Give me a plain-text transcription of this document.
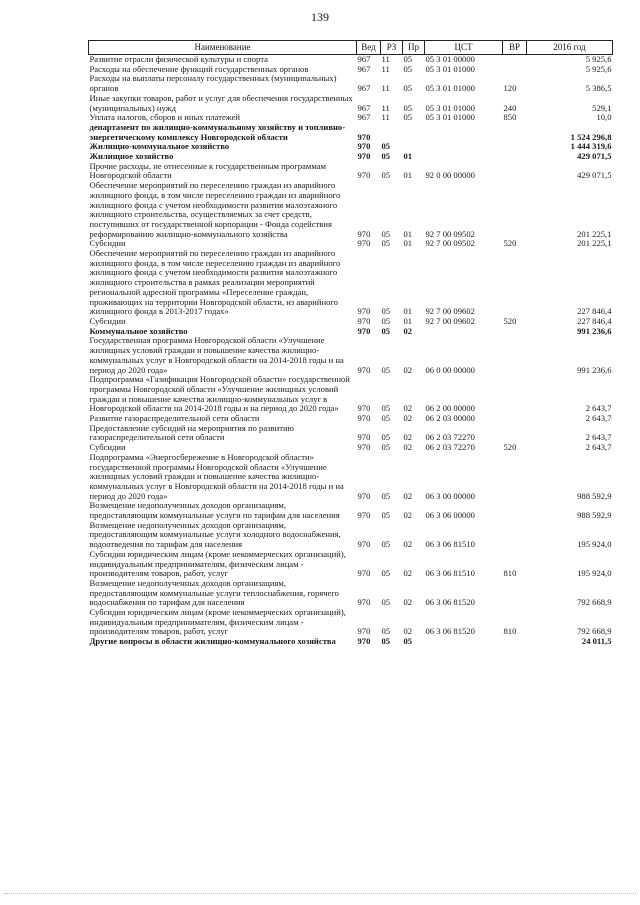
139
Наименование	Вед	РЗ	Пр	ЦСТ	ВР	2016 год
Развитие отрасли физической культуры и спорта	967	11	05	05 3 01 00000		5 925,6
Расходы на обеспечение функций государственных органов	967	11	05	05 3 01 01000		5 925,6
Расходы на выплаты персоналу государственных (муниципальных) органов	967	11	05	05 3 01 01000	120	5 386,5
Иные закупки товаров, работ и услуг для обеспечения государственных (муниципальных) нужд	967	11	05	05 3 01 01000	240	529,1
Уплата налогов, сборов и иных платежей	967	11	05	05 3 01 01000	850	10,0
департамент по жилищно-коммунальному хозяйству и топливно-энергетическому комплексу Новгородской области	970					1 524 296,8
Жилищно-коммунальное хозяйство	970	05				1 444 319,6
Жилищное хозяйство	970	05	01			429 071,5
Прочие расходы, не отнесенные к государственным программам Новгородской области	970	05	01	92 0 00 00000		429 071,5
Обеспечение мероприятий по переселению граждан из аварийного жилищного фонда, в том числе переселению граждан из аварийного жилищного фонда с учетом необходимости развития малоэтажного жилищного строительства, осуществляемых за счет средств, поступивших от государственной корпорации - Фонда содействия реформированию жилищно-коммунального хозяйства	970	05	01	92 7 00 09502		201 225,1
Субсидии	970	05	01	92 7 00 09502	520	201 225,1
Обеспечение мероприятий по переселению граждан из аварийного жилищного фонда, в том числе переселению граждан из аварийного жилищного фонда с учетом необходимости развития малоэтажного жилищного строительства в рамках реализации мероприятий региональной адресной программы «Переселение граждан, проживающих на территории Новгородской области, из аварийного жилищного фонда в 2013-2017 годах»	970	05	01	92 7 00 09602		227 846,4
Субсидии	970	05	01	92 7 00 09602	520	227 846,4
Коммунальное хозяйство	970	05	02			991 236,6
Государственная программа Новгородской области «Улучшение жилищных условий граждан и повышение качества жилищно-коммунальных услуг в Новгородской области на 2014-2018 годы и на период до 2020 года»	970	05	02	06 0 00 00000		991 236,6
Подпрограмма «Газификация Новгородской области» государственной программы Новгородской области «Улучшение жилищных условий граждан и повышение качества жилищно-коммунальных услуг в Новгородской области на 2014-2018 годы и на период до 2020 года»	970	05	02	06 2 00 00000		2 643,7
Развитие газораспределительной сети области	970	05	02	06 2 03 00000		2 643,7
Предоставление субсидий на мероприятия по развитию газораспределительной сети области	970	05	02	06 2 03 72270		2 643,7
Субсидии	970	05	02	06 2 03 72270	520	2 643,7
Подпрограмма «Энергосбережение в Новгородской области» государственной программы Новгородской области «Улучшение жилищных условий граждан и повышение качества жилищно-коммунальных услуг в Новгородской области на 2014-2018 годы и на период до 2020 года»	970	05	02	06 3 00 00000		988 592,9
Возмещение недополученных доходов организациям, предоставляющим коммунальные услуги по тарифам для населения	970	05	02	06 3 06 00000		988 592,9
Возмещение недополученных доходов организациям, предоставляющим коммунальные услуги холодного водоснабжения, водоотведения по тарифам для населения	970	05	02	06 3 06 81510		195 924,0
Субсидии юридическим лицам (кроме некоммерческих организаций), индивидуальным предпринимателям, физическим лицам - производителям товаров, работ, услуг	970	05	02	06 3 06 81510	810	195 924,0
Возмещение недополученных доходов организациям, предоставляющим коммунальные услуги теплоснабжения, горячего водоснабжения по тарифам для населения	970	05	02	06 3 06 81520		792 668,9
Субсидии юридическим лицам (кроме некоммерческих организаций), индивидуальным предпринимателям, физическим лицам - производителям товаров, работ, услуг	970	05	02	06 3 06 81520	810	792 668,9
Другие вопросы в области жилищно-коммунального хозяйства	970	05	05			24 011,5
